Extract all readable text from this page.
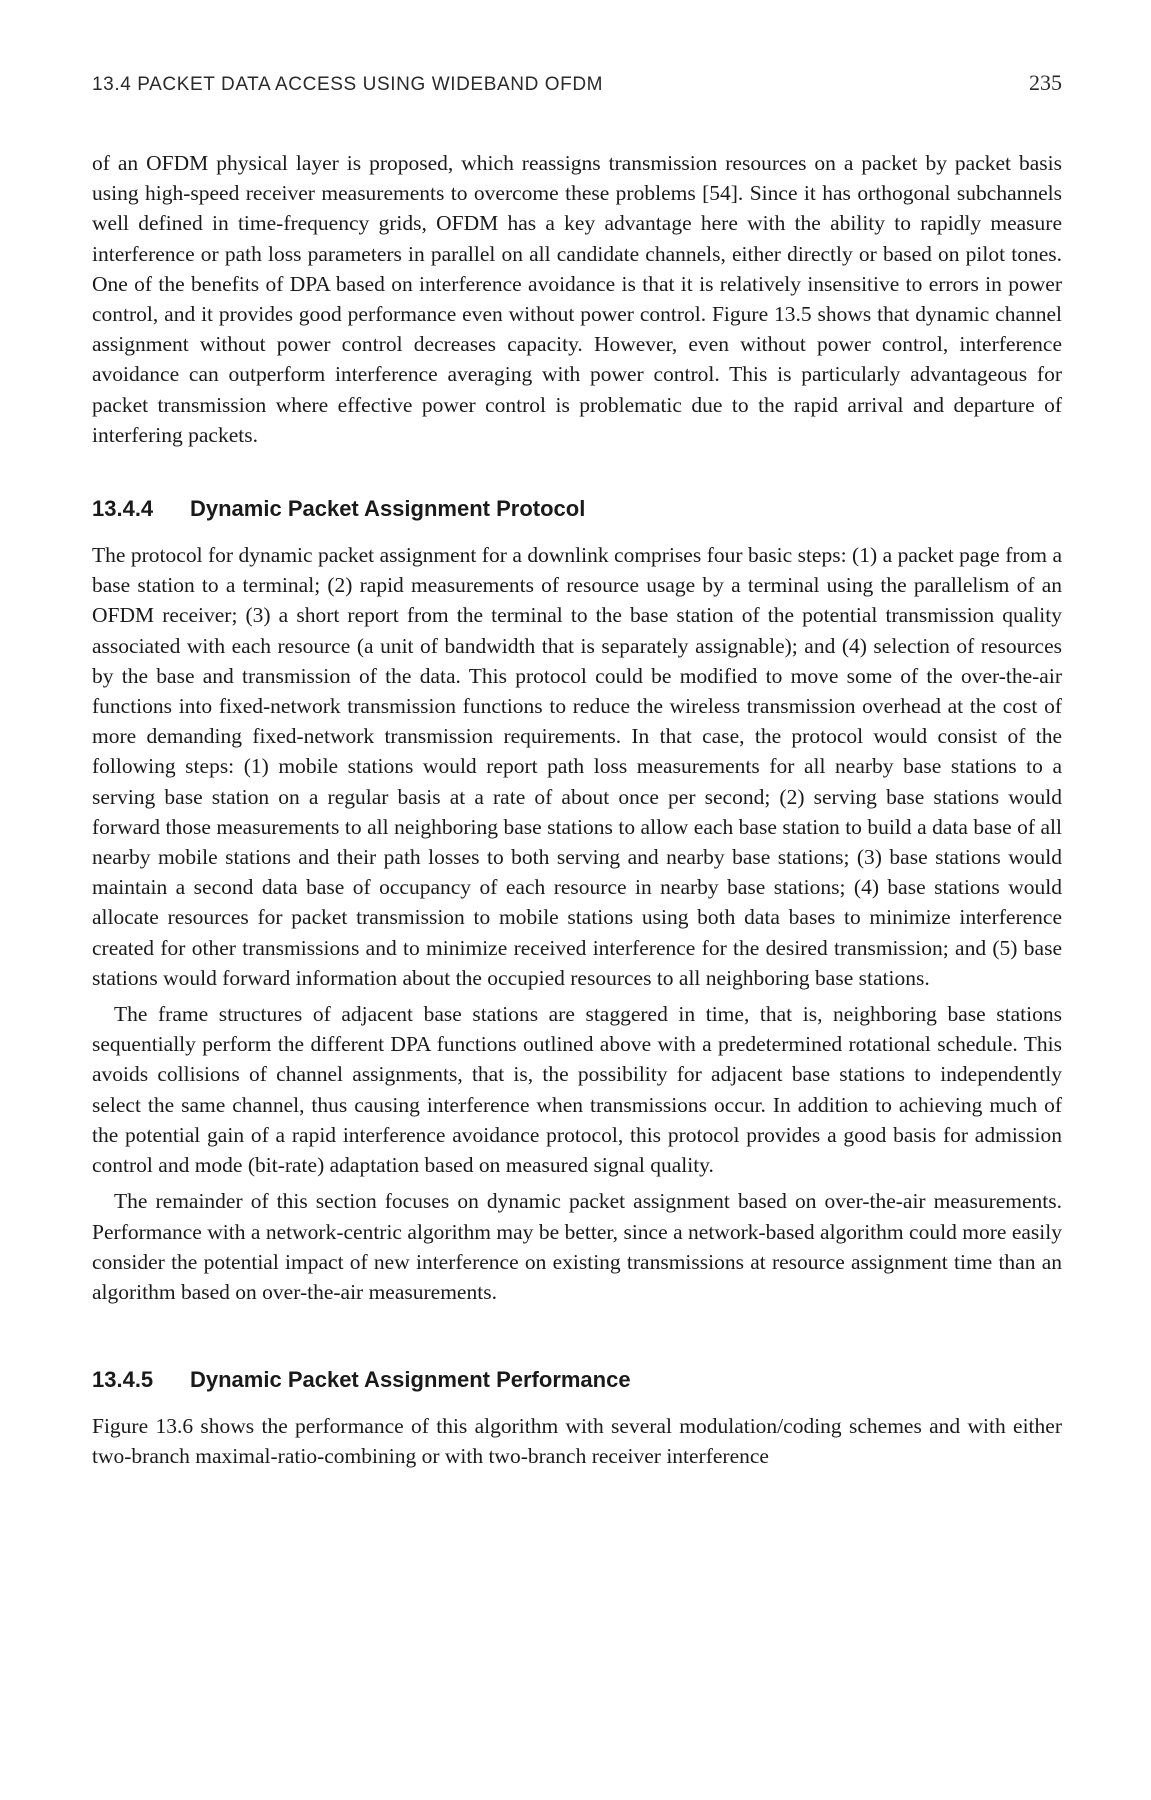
13.4 PACKET DATA ACCESS USING WIDEBAND OFDM	235

of an OFDM physical layer is proposed, which reassigns transmission resources on a packet by packet basis using high-speed receiver measurements to overcome these problems [54]. Since it has orthogonal subchannels well defined in time-frequency grids, OFDM has a key advantage here with the ability to rapidly measure interference or path loss parameters in parallel on all candidate channels, either directly or based on pilot tones. One of the benefits of DPA based on interference avoidance is that it is relatively insensitive to errors in power control, and it provides good performance even without power control. Figure 13.5 shows that dynamic channel assignment without power control decreases capacity. However, even without power control, interference avoidance can outperform interference averaging with power control. This is particularly advantageous for packet transmission where effective power control is problematic due to the rapid arrival and departure of interfering packets.

13.4.4 Dynamic Packet Assignment Protocol

The protocol for dynamic packet assignment for a downlink comprises four basic steps: (1) a packet page from a base station to a terminal; (2) rapid measurements of resource usage by a terminal using the parallelism of an OFDM receiver; (3) a short report from the terminal to the base station of the potential transmission quality associated with each resource (a unit of bandwidth that is separately assignable); and (4) selection of resources by the base and transmission of the data. This protocol could be modified to move some of the over-the-air functions into fixed-network transmission functions to reduce the wireless transmission overhead at the cost of more demanding fixed-network transmission requirements. In that case, the protocol would consist of the following steps: (1) mobile stations would report path loss measurements for all nearby base stations to a serving base station on a regular basis at a rate of about once per second; (2) serving base stations would forward those measurements to all neighboring base stations to allow each base station to build a data base of all nearby mobile stations and their path losses to both serving and nearby base stations; (3) base stations would maintain a second data base of occupancy of each resource in nearby base stations; (4) base stations would allocate resources for packet transmission to mobile stations using both data bases to minimize interference created for other transmissions and to minimize received interference for the desired transmission; and (5) base stations would forward information about the occupied resources to all neighboring base stations.

The frame structures of adjacent base stations are staggered in time, that is, neighboring base stations sequentially perform the different DPA functions outlined above with a predetermined rotational schedule. This avoids collisions of channel assignments, that is, the possibility for adjacent base stations to independently select the same channel, thus causing interference when transmissions occur. In addition to achieving much of the potential gain of a rapid interference avoidance protocol, this protocol provides a good basis for admission control and mode (bit-rate) adaptation based on measured signal quality.

The remainder of this section focuses on dynamic packet assignment based on over-the-air measurements. Performance with a network-centric algorithm may be better, since a network-based algorithm could more easily consider the potential impact of new interference on existing transmissions at resource assignment time than an algorithm based on over-the-air measurements.

13.4.5 Dynamic Packet Assignment Performance

Figure 13.6 shows the performance of this algorithm with several modulation/coding schemes and with either two-branch maximal-ratio-combining or with two-branch receiver interference
